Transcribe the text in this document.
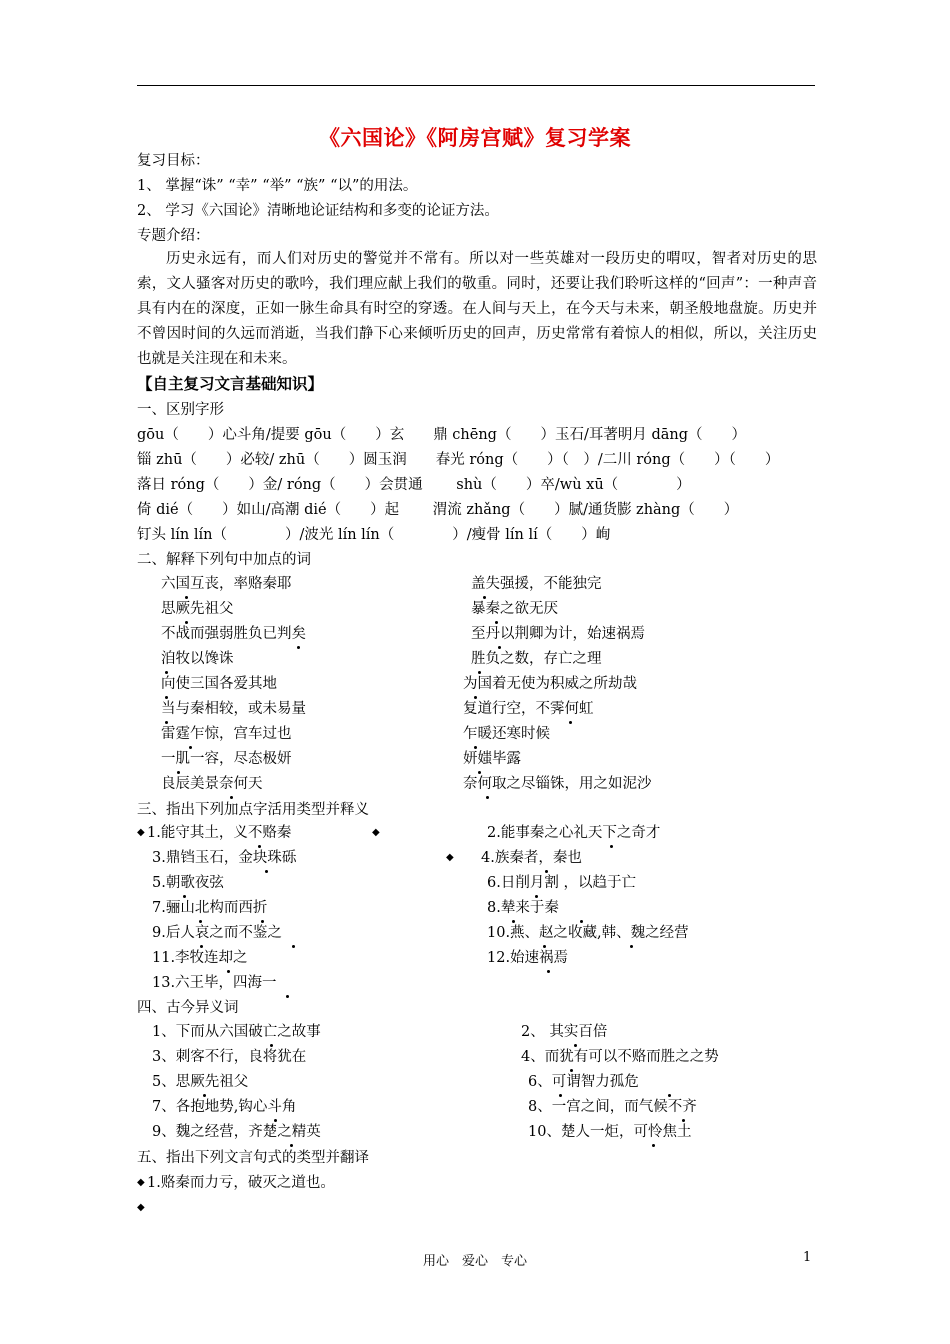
《六国论》《阿房宫赋》复习学案
复习目标：
1、 掌握“诛” “幸” “举” “族” “以”的用法。
2、 学习《六国论》清晰地论证结构和多变的论证方法。
专题介绍：
历史永远有，而人们对历史的警觉并不常有。所以对一些英雄对一段历史的喟叹，智者对历史的思索，文人骚客对历史的歌吟，我们理应献上我们的敬重。同时，还要让我们聆听这样的“回声”：一种声音具有内在的深度，正如一脉生命具有时空的穿透。在人间与天上，在今天与未来，朝圣般地盘旋。历史并不曾因时间的久远而消逝，当我们静下心来倾听历史的回声，历史常常有着惊人的相似，所以，关注历史也就是关注现在和未来。
【自主复习文言基础知识】
一、区别字形
gōu（　　）心斗角/提要 gōu（　　）玄　　鼎 chēng（　　）玉石/耳著明月 dāng（　　）
锱 zhū（　　）必较/ zhū（　　）圆玉润　　春光 róng（　　）（　）/二川 róng（　　）（　　）
落日 róng（　　）金/ róng（　　）会贯通　　 shù（　　）卒/wù xū（　　　　）
倚 dié（　　）如山/高潮 dié（　　）起　　 渭流 zhǎng（　　）腻/通货膨 zhàng（　　）
钉头 lín lín（　　　　）/波光 lín lín（　　　　）/瘦骨 lín lí（　　）峋
二、解释下列句中加点的词
六国互丧，率赂秦耶
思厥先祖父
不战而强弱胜负已判矣
洎牧以馋诛
向使三国各爱其地
当与秦相较，或未易量
雷霆乍惊，宫车过也
一肌一容，尽态极妍
良辰美景奈何天
盖失强援，不能独完
暴秦之欲无厌
至丹以荆卿为计，始速祸焉
胜负之数，存亡之理
为国着无使为积威之所劫哉
复道行空，不霁何虹
乍暖还寒时候
妍媸毕露
奈何取之尽锱铢，用之如泥沙
三、指出下列加点字活用类型并释义
◆	◆
◆
1.能守其土，义不赂秦
3.鼎铛玉石，金块珠砾
5.朝歌夜弦
7.骊山北构而西折
9.后人哀之而不鉴之
11.李牧连却之
13.六王毕，四海一
2.能事秦之心礼天下之奇才
4.族秦者，秦也
6.日削月割 ，以趋于亡
8.辇来于秦
10.燕、赵之收藏,韩、魏之经营
12.始速祸焉
四、古今异义词
1、下而从六国破亡之故事
3、刺客不行，良将犹在
5、思厥先祖父
7、各抱地势,钩心斗角
9、魏之经营，齐楚之精英
2、 其实百倍
4、而犹有可以不赂而胜之之势
6、可谓智力孤危
8、一宫之间，而气候不齐
10、楚人一炬，可怜焦土
五、指出下列文言句式的类型并翻译
◆ 1.赂秦而力亏，破灭之道也。
◆
用心　爱心　专心	1
